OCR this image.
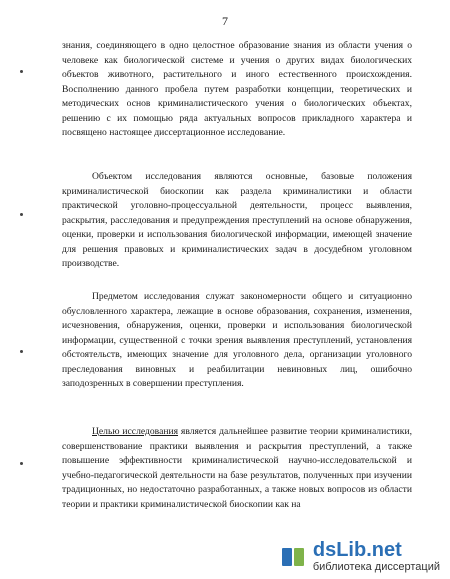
7

знания, соединяющего в одно целостное образование знания из области учения о человеке как биологической системе и учения о других видах биологических объектов животного, растительного и иного естественного происхождения. Восполнению данного пробела путем разработки концепции, теоретических и методических основ криминалистического учения о биологических объектах, решению с их помощью ряда актуальных вопросов прикладного характера и посвящено настоящее диссертационное исследование.

Объектом исследования являются основные, базовые положения криминалистической биоскопии как раздела криминалистики и области практической уголовно-процессуальной деятельности, процесс выявления, раскрытия, расследования и предупреждения преступлений на основе обнаружения, оценки, проверки и использования биологической информации, имеющей значение для решения правовых и криминалистических задач в досудебном уголовном производстве.

Предметом исследования служат закономерности общего и ситуационно обусловленного характера, лежащие в основе образования, сохранения, изменения, исчезновения, обнаружения, оценки, проверки и использования биологической информации, существенной с точки зрения выявления преступлений, установления обстоятельств, имеющих значение для уголовного дела, организации уголовного преследования виновных и реабилитации невиновных лиц, ошибочно заподозренных в совершении преступления.

Целью исследования является дальнейшее развитие теории криминалистики, совершенствование практики выявления и раскрытия преступлений, а также повышение эффективности криминалистической научно-исследовательской и учебно-педагогической деятельности на базе результатов, полученных при изучении традиционных, но недостаточно разработанных, а также новых вопросов из области теории и практики криминалистической биоскопии как на

dsLib.net
библиотека диссертаций
